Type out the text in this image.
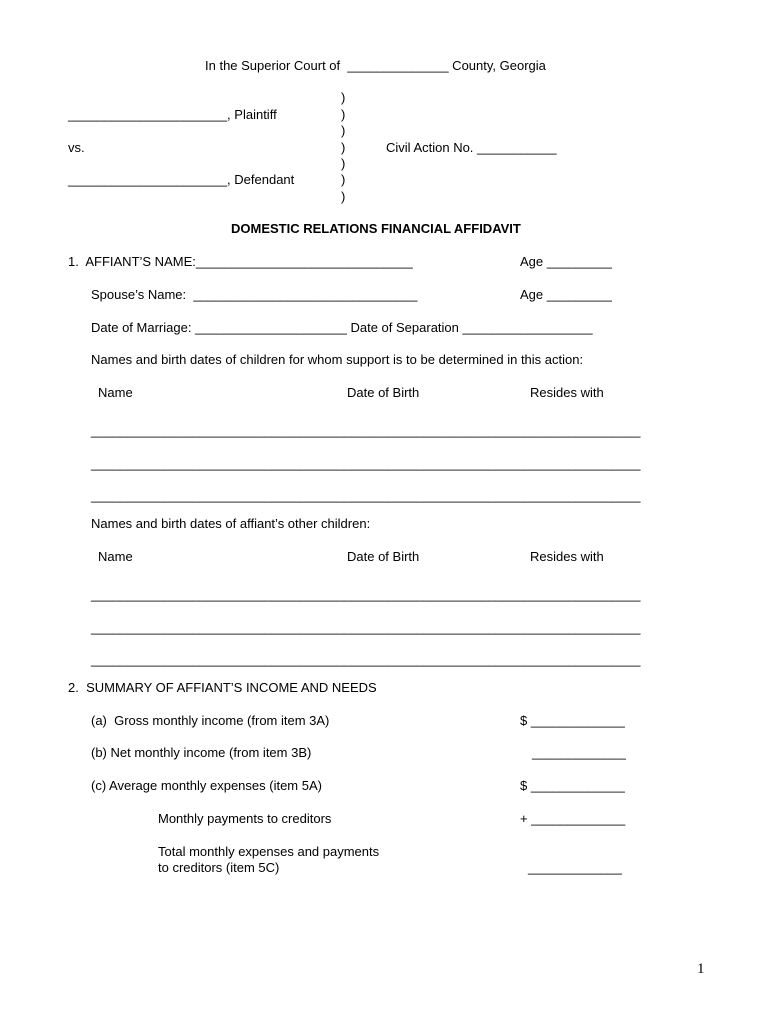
In the Superior Court of  ______________ County, Georgia
)
)
)
)
)
)
)
______________________, Plaintiff
vs.	Civil Action No. ___________
______________________, Defendant
DOMESTIC RELATIONS FINANCIAL AFFIDAVIT
1.  AFFIANT’S NAME:______________________________	Age _________
Spouse’s Name:  _______________________________	Age _________
Date of Marriage: _____________________ Date of Separation __________________
Names and birth dates of children for whom support is to be determined in this action:
Name	Date of Birth	Resides with
____________________________________________________________________________
____________________________________________________________________________
____________________________________________________________________________
Names and birth dates of affiant’s other children:
Name	Date of Birth	Resides with
____________________________________________________________________________
____________________________________________________________________________
____________________________________________________________________________
2.  SUMMARY OF AFFIANT’S INCOME AND NEEDS
(a)  Gross monthly income (from item 3A)	$ _____________
(b) Net monthly income (from item 3B)	_____________
(c) Average monthly expenses (item 5A)	$ _____________
Monthly payments to creditors	+ _____________
Total monthly expenses and payments
to creditors (item 5C)	_____________
1
